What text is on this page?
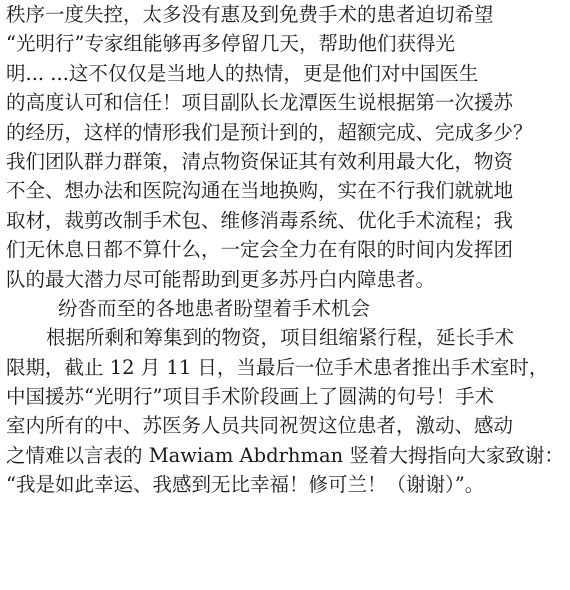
秩序一度失控，太多没有惠及到免费手术的患者迫切希望
“光明行”专家组能够再多停留几天，帮助他们获得光
明... ...这不仅仅是当地人的热情，更是他们对中国医生
的高度认可和信任！项目副队长龙潭医生说根据第一次援苏
的经历，这样的情形我们是预计到的，超额完成、完成多少？
我们团队群力群策，清点物资保证其有效利用最大化，物资
不全、想办法和医院沟通在当地换购，实在不行我们就就地
取材，裁剪改制手术包、维修消毒系统、优化手术流程；我
们无休息日都不算什么，一定会全力在有限的时间内发挥团
队的最大潜力尽可能帮助到更多苏丹白内障患者。
纷沓而至的各地患者盼望着手术机会
根据所剩和筹集到的物资，项目组缩紧行程，延长手术
限期，截止 12 月 11 日，当最后一位手术患者推出手术室时，
中国援苏“光明行”项目手术阶段画上了圆满的句号！手术
室内所有的中、苏医务人员共同祝贺这位患者，激动、感动
之情难以言表的 Mawiam Abdrhman 竖着大拇指向大家致谢：
“我是如此幸运、我感到无比幸福！修可兰！（谢谢）”。
